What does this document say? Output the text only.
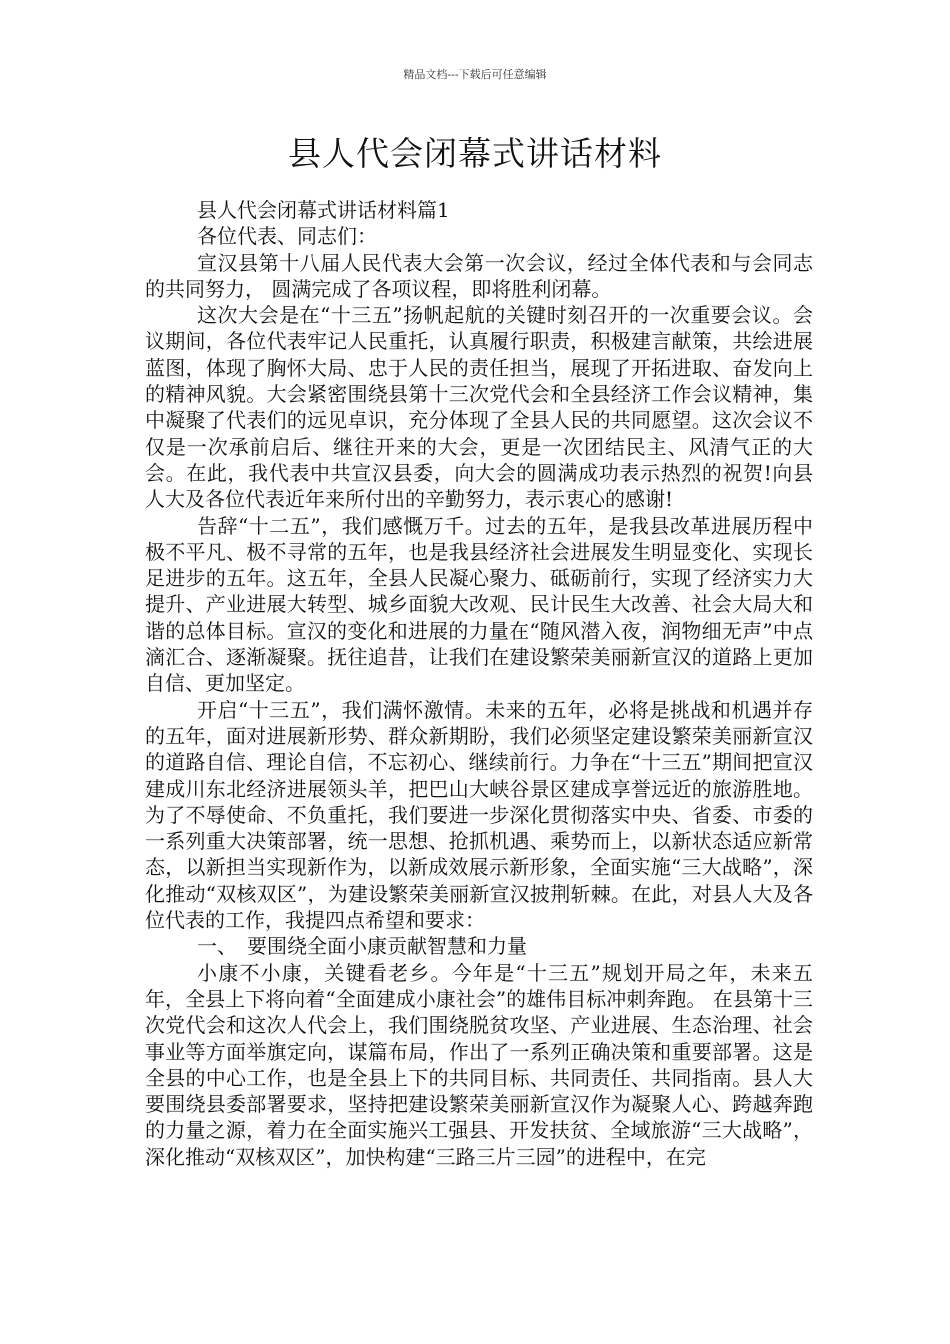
精品文档---下载后可任意编辑
县人代会闭幕式讲话材料

县人代会闭幕式讲话材料篇1

各位代表、同志们：

宣汉县第十八届人民代表大会第一次会议，经过全体代表和与会同志的共同努力， 圆满完成了各项议程，即将胜利闭幕。

这次大会是在“十三五”扬帆起航的关键时刻召开的一次重要会议。会议期间，各位代表牢记人民重托，认真履行职责，积极建言献策，共绘进展蓝图，体现了胸怀大局、忠于人民的责任担当，展现了开拓进取、奋发向上的精神风貌。大会紧密围绕县第十三次党代会和全县经济工作会议精神，集中凝聚了代表们的远见卓识，充分体现了全县人民的共同愿望。这次会议不仅是一次承前启后、继往开来的大会，更是一次团结民主、风清气正的大会。在此，我代表中共宣汉县委，向大会的圆满成功表示热烈的祝贺!向县人大及各位代表近年来所付出的辛勤努力，表示衷心的感谢!

告辞“十二五”，我们感慨万千。过去的五年，是我县改革进展历程中极不平凡、极不寻常的五年，也是我县经济社会进展发生明显变化、实现长足进步的五年。这五年，全县人民凝心聚力、砥砺前行，实现了经济实力大提升、产业进展大转型、城乡面貌大改观、民计民生大改善、社会大局大和谐的总体目标。宣汉的变化和进展的力量在“随风潜入夜，润物细无声”中点滴汇合、逐渐凝聚。抚往追昔，让我们在建设繁荣美丽新宣汉的道路上更加自信、更加坚定。

开启“十三五”，我们满怀激情。未来的五年，必将是挑战和机遇并存的五年，面对进展新形势、群众新期盼，我们必须坚定建设繁荣美丽新宣汉的道路自信、理论自信，不忘初心、继续前行。力争在“十三五”期间把宣汉建成川东北经济进展领头羊，把巴山大峡谷景区建成享誉远近的旅游胜地。为了不辱使命、不负重托，我们要进一步深化贯彻落实中央、省委、市委的一系列重大决策部署，统一思想、抢抓机遇、乘势而上，以新状态适应新常态，以新担当实现新作为，以新成效展示新形象，全面实施“三大战略”，深化推动“双核双区”，为建设繁荣美丽新宣汉披荆斩棘。在此，对县人大及各位代表的工作，我提四点希望和要求：

一、　要围绕全面小康贡献智慧和力量

小康不小康，关键看老乡。今年是“十三五”规划开局之年，未来五年，全县上下将向着“全面建成小康社会”的雄伟目标冲刺奔跑。 在县第十三次党代会和这次人代会上，我们围绕脱贫攻坚、产业进展、生态治理、社会事业等方面举旗定向，谋篇布局，作出了一系列正确决策和重要部署。这是全县的中心工作，也是全县上下的共同目标、共同责任、共同指南。县人大要围绕县委部署要求，坚持把建设繁荣美丽新宣汉作为凝聚人心、跨越奔跑的力量之源，着力在全面实施兴工强县、开发扶贫、全域旅游“三大战略”，深化推动“双核双区”，加快构建“三路三片三园”的进程中，在完
